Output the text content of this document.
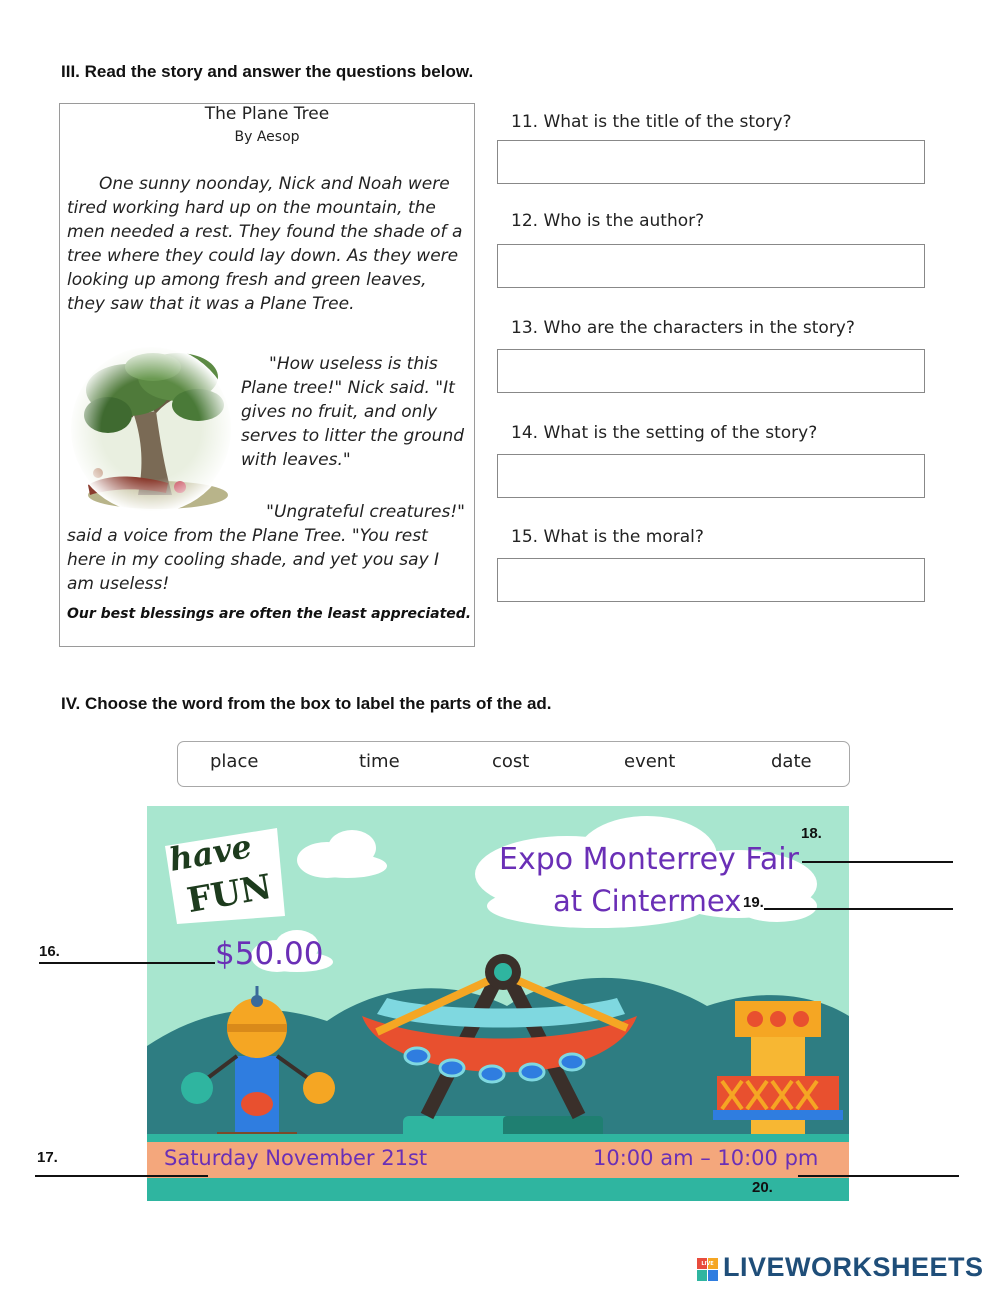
III. Read the story and answer the questions below.
The Plane Tree
By Aesop
One sunny noonday, Nick and Noah were tired working hard up on the mountain, the men needed a rest. They found the shade of a tree where they could lay down. As they were looking up among fresh and green leaves, they saw that it was a Plane Tree.
"How useless is this Plane tree!" Nick said. "It gives no fruit, and only serves to litter the ground with leaves."
"Ungrateful creatures!"
said a voice from the Plane Tree. "You rest here in my cooling shade, and yet you say I am useless!
Our best blessings are often the least appreciated.
11. What is the title of the story?
12. Who is the author?
13. Who are the characters in the story?
14. What is the setting of the story?
15. What is the moral?
IV. Choose the word from the box to label the parts of the ad.
place	time	cost	event	date
have
FUN
Expo Monterrey Fair
at Cintermex
$50.00
Saturday November 21st	10:00 am – 10:00 pm
18.
19.
16.
17.
20.
LIVE LIVEWORKSHEETS
